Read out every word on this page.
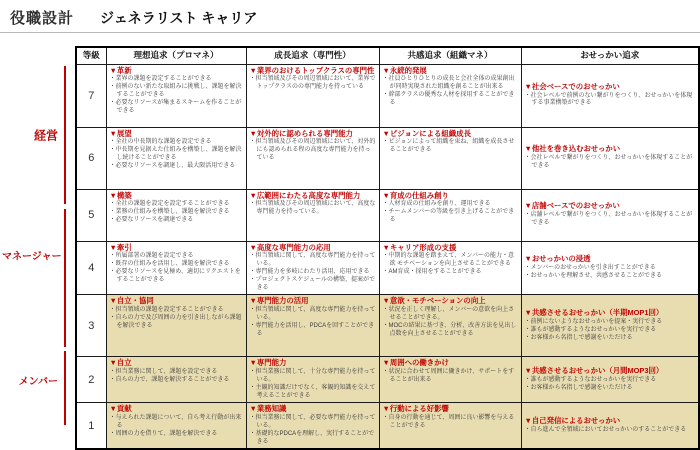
役職設計 ジェネラリスト キャリア
経営
マネージャー
メンバー
等級	理想追求（プロマネ）	成長追求（専門性）	共感追求（組織マネ）	おせっかい追求
7	
▼革新
・ 業界の課題を設定することができる
・ 前例のない新たな取組みに挑戦し、課題を解決することができる
・ 必要なリソースが集まるスキームを作ることができる

▼業界のおけるトップクラスの専門性
・ 担当領域及びその周辺領域において、業界でトップクラスのの専門能力を持っている

▼永続的発展
・ 社員ひとりひとりの成長と会社全体の成果創出が同時実現された組織を創ることが出来る
・ 幹部クラスの優秀な人材を採用することができる

▼社会ベースでのおせっかい
・ 社会レベルで前例のない繋がりをつくり、おせっかいを体現する事業構築ができる

6	
▼展望
・ 全社の中長期的な課題を設定できる
・ 中長期を見据えた仕組みを構築し、課題を解決し続けることができる
・ 必要なリソースを調達し、最大限活用できる

▼対外的に認められる専門能力
・ 担当領域及びその周辺領域において、対外的にも認められる程の高度な専門能力を持っている

▼ビジョンによる組織成長
・ ビジョンによって組織を束ね、組織を成長させることができる	▼他社を巻き込むおせっかい
・ 会社レベルで繋がりをつくり、おせっかいを体現することができる

5	
▼構築
・ 全社の課題を設定を設定することができる
・ 業務の仕組みを構築し、課題を解決できる
・ 必要なリソースを調達できる

▼広範囲にわたる高度な専門能力
・ 担当領域及びその周辺領域において、高度な専門能力を持っている。

▼育成の仕組み創り
・ 人材育成の仕組みを創り、運用できる
・ チームメンバーの等級を引き上げることができる

▼店舗ベースでのおせっかい
・ 店舗レベルで繋がりをつくり、おせっかいを体現することができる

4	
▼牽引
・ 所属部署の課題を設定できる
・ 既存の仕組みを活用し、課題を解決できる
・ 必要なリソースを見極め、適切にリクエストをすることができる

▼高度な専門能力の応用
・ 担当領域に関して、高度な専門能力を持っている。
・ 専門能力を多岐にわたり活用、応用できる
・ プロジェクトスケジュールの構築、提案ができる

▼キャリア形成の支援
・ 中期的な課題を踏まえて、メンバーの能力・意欲 モチベーションを向上させることができる
・ AM育成・採用をすることができる

▼おせっかいの浸透
・ メンバーのおせっかいを引き出すことができる
・ おせっかいを理解させ、共感させることができる

3	
▼自立・協同
・ 担当領域の課題を設定することができる
・ 自らの力で及び周囲の力を引き出しながら課題を解決できる

▼専門能力の活用
・ 担当領域に関して、高度な専門能力を持っている。
・ 専門能力を活用し、PDCAを回すことができる

▼意欲・モチベーションの向上
・ 状況を正しく理解し、メンバーの意欲を向上させることができる。
・ MOCの結果に基づき、分析、改善方法を見出し点数を向上させることができる

▼共感させるおせっかい（半期MOP1回）
・ 前例にないようなおせっかいを提案・実行できる
・ 誰もが感動するようなおせっかいを実行できる
・ お客様から名指しで感謝をいただける

2	
▼自立
・ 担当業務に関して、課題を設定できる
・ 自らの力で、課題を解決することができる

▼専門能力
・ 担当業務に関して、十分な専門能力を持っている。
・ 主観的知識だけでなく、客観的知識を交えて考えることができる

▼周囲への働きかけ
・ 状況に合わせて周囲に働きかけ、サポートをすることが出来る

▼共感させるおせっかい（月間MOP3回）
・ 誰もが感動するようなおせっかいを実行できる
・ お客様から名指しで感謝をいただける

1	
▼貢献
・ 与えられた課題について、自ら考え行動が出来る
・ 周囲の力を借りて、課題を解決できる

▼業務知識
・ 担当業務に関して、必要な専門能力を持っている。
・ 基礎的なPDCAを理解し、実行することができる

▼行動による好影響
・ 自身の行動を通じて、周囲に良い影響を与えることができる

▼自己発信によるおせっかい
・ 自ら進んで全領域においておせっかいのすることができる
